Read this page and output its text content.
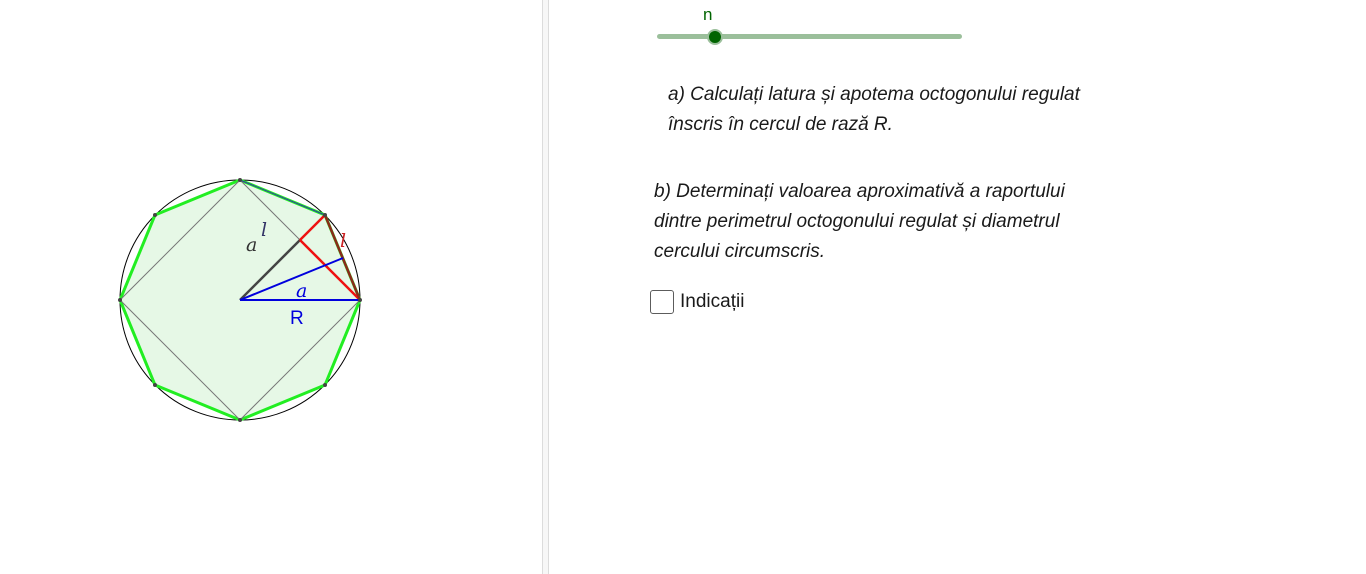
l
a	l
a
R
n

a) Calculați latura și apotema octogonului regulat
înscris în cercul de rază R.

b) Determinați valoarea aproximativă a raportului
dintre perimetrul octogonului regulat și diametrul
cercului circumscris.

Indicații
